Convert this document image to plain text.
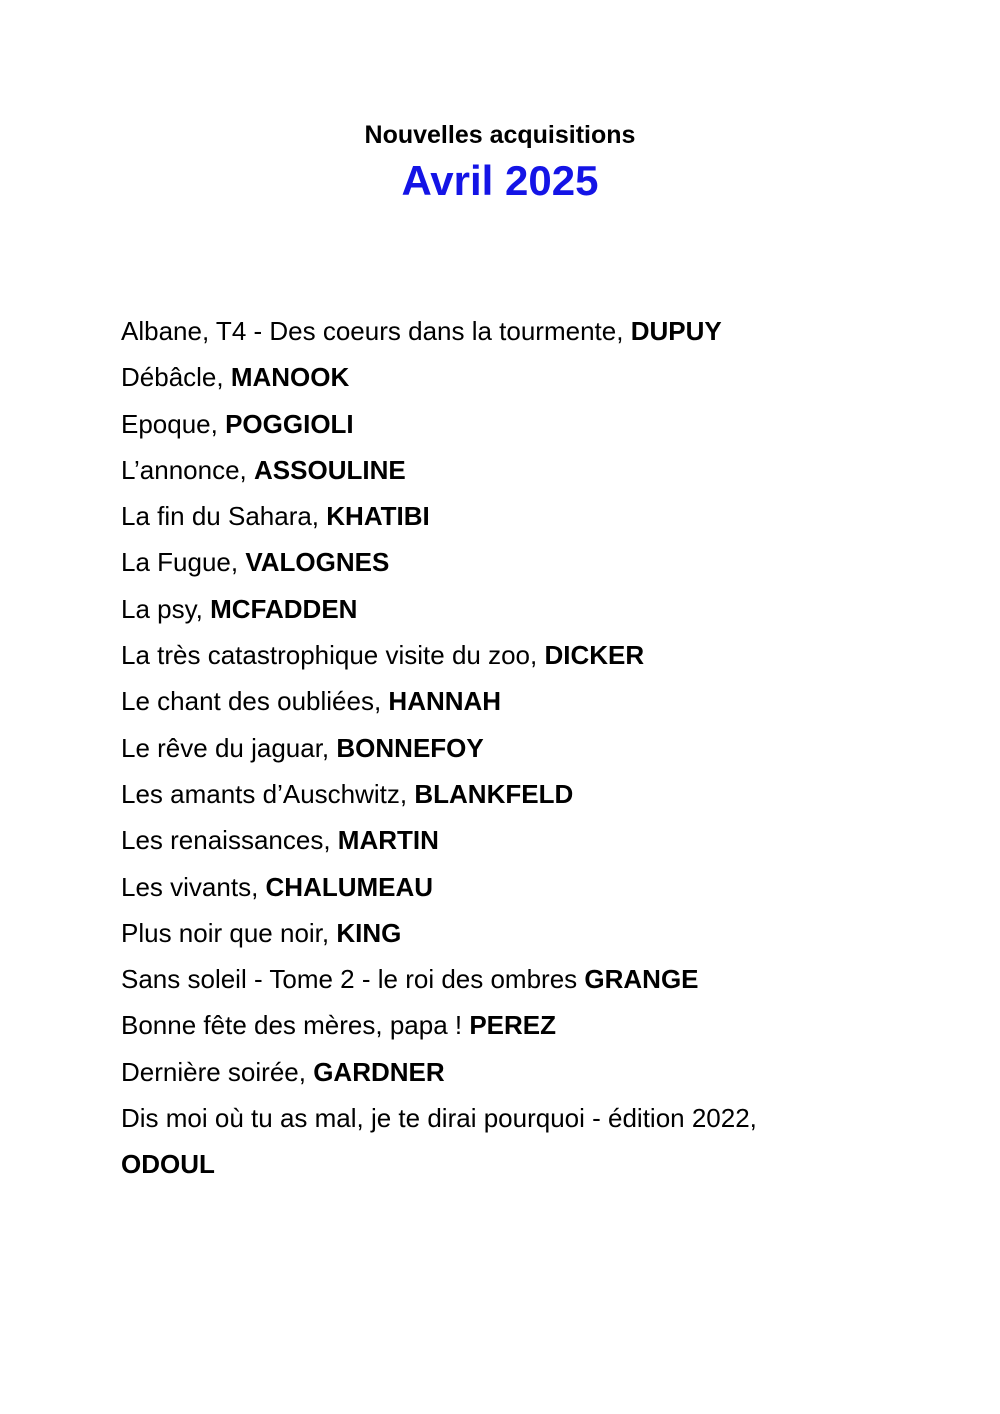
Nouvelles acquisitions
Avril 2025
Albane, T4 - Des coeurs dans la tourmente, DUPUY
Débâcle, MANOOK
Epoque, POGGIOLI
L’annonce, ASSOULINE
La fin du Sahara, KHATIBI
La Fugue, VALOGNES
La psy, MCFADDEN
La très catastrophique visite du zoo, DICKER
Le chant des oubliées, HANNAH
Le rêve du jaguar, BONNEFOY
Les amants d’Auschwitz, BLANKFELD
Les renaissances, MARTIN
Les vivants, CHALUMEAU
Plus noir que noir, KING
Sans soleil - Tome 2 - le roi des ombres GRANGE
Bonne fête des mères, papa ! PEREZ
Dernière soirée, GARDNER
Dis moi où tu as mal, je te dirai pourquoi - édition 2022,
ODOUL
